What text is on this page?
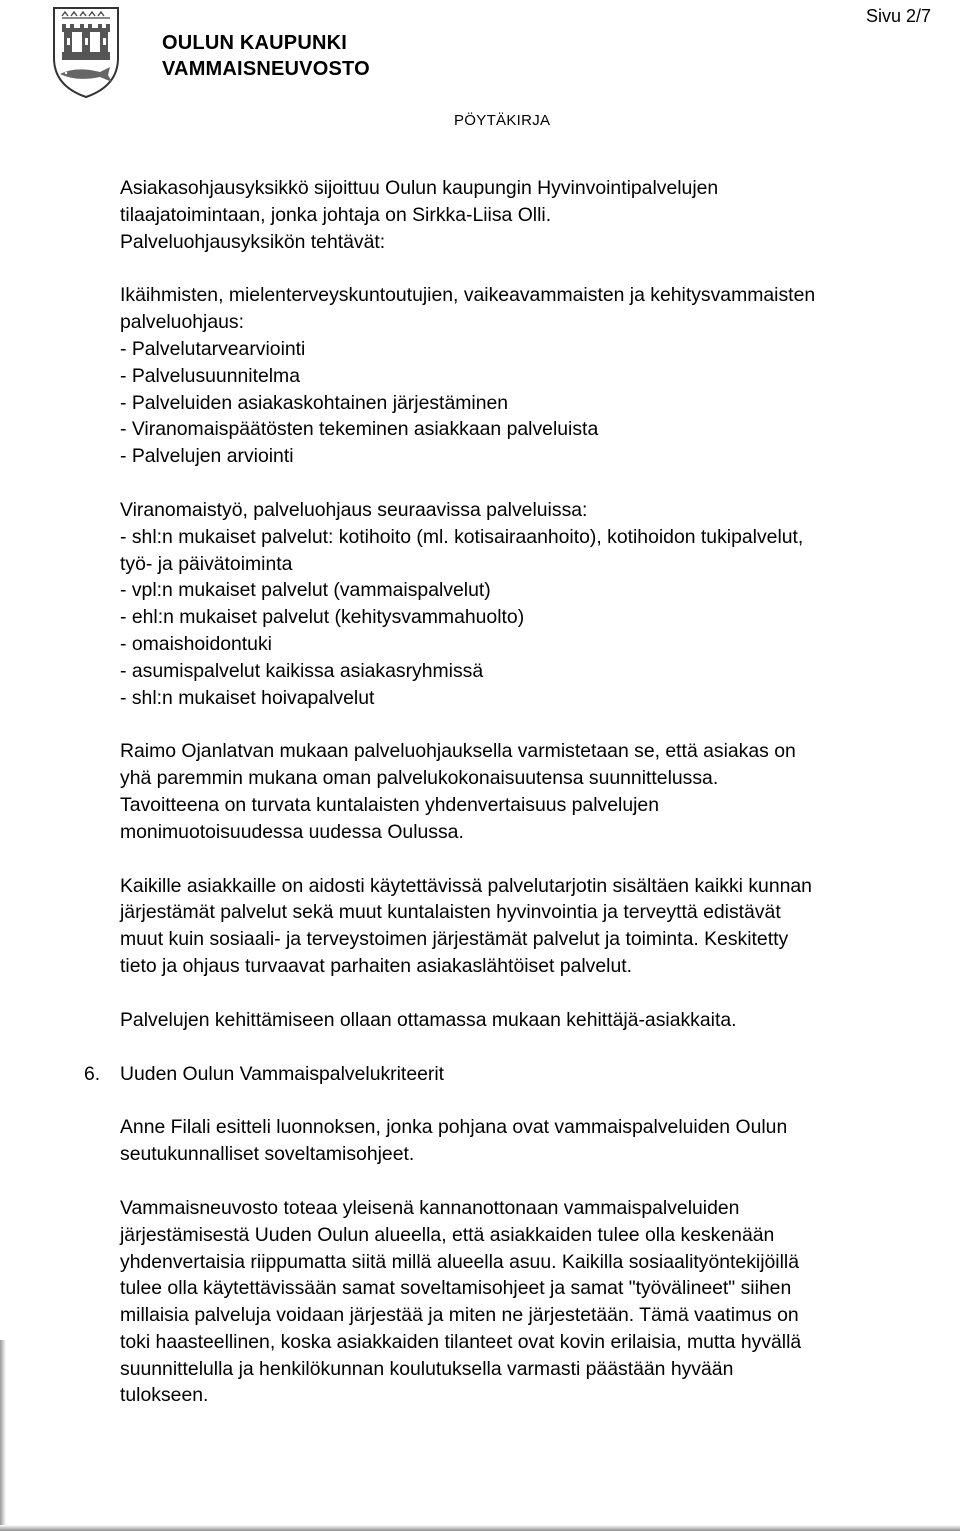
OULUN KAUPUNKI
VAMMAISNEUVOSTO
Sivu 2/7
PÖYTÄKIRJA

Asiakasohjausyksikkö sijoittuu Oulun kaupungin Hyvinvointipalvelujen

tilaajatoimintaan, jonka johtaja on Sirkka-Liisa Olli.

Palveluohjausyksikön tehtävät:

Ikäihmisten, mielenterveyskuntoutujien, vaikeavammaisten ja kehitysvammaisten

palveluohjaus:

- Palvelutarvearviointi

- Palvelusuunnitelma

- Palveluiden asiakaskohtainen järjestäminen

- Viranomaispäätösten tekeminen asiakkaan palveluista

- Palvelujen arviointi

Viranomaistyö, palveluohjaus seuraavissa palveluissa:

- shl:n mukaiset palvelut: kotihoito (ml. kotisairaanhoito), kotihoidon tukipalvelut,

työ- ja päivätoiminta

- vpl:n mukaiset palvelut (vammaispalvelut)

- ehl:n mukaiset palvelut (kehitysvammahuolto)

- omaishoidontuki

- asumispalvelut kaikissa asiakasryhmissä

- shl:n mukaiset hoivapalvelut

Raimo Ojanlatvan mukaan palveluohjauksella varmistetaan se, että asiakas on

yhä paremmin mukana oman palvelukokonaisuutensa suunnittelussa.

Tavoitteena on turvata kuntalaisten yhdenvertaisuus palvelujen

monimuotoisuudessa uudessa Oulussa.

Kaikille asiakkaille on aidosti käytettävissä palvelutarjotin sisältäen kaikki kunnan

järjestämät palvelut sekä muut kuntalaisten hyvinvointia ja terveyttä edistävät

muut kuin sosiaali- ja terveystoimen järjestämät palvelut ja toiminta. Keskitetty

tieto ja ohjaus turvaavat parhaiten asiakaslähtöiset palvelut.

Palvelujen kehittämiseen ollaan ottamassa mukaan kehittäjä-asiakkaita.

6. Uuden Oulun Vammaispalvelukriteerit

Anne Filali esitteli luonnoksen, jonka pohjana ovat vammaispalveluiden Oulun

seutukunnalliset soveltamisohjeet.

Vammaisneuvosto toteaa yleisenä kannanottonaan vammaispalveluiden

järjestämisestä Uuden Oulun alueella, että asiakkaiden tulee olla keskenään

yhdenvertaisia riippumatta siitä millä alueella asuu. Kaikilla sosiaalityöntekijöillä

tulee olla käytettävissään samat soveltamisohjeet ja samat "työvälineet" siihen

millaisia palveluja voidaan järjestää ja miten ne järjestetään. Tämä vaatimus on

toki haasteellinen, koska asiakkaiden tilanteet ovat kovin erilaisia, mutta hyvällä

suunnittelulla ja henkilökunnan koulutuksella varmasti päästään hyvään

tulokseen.
